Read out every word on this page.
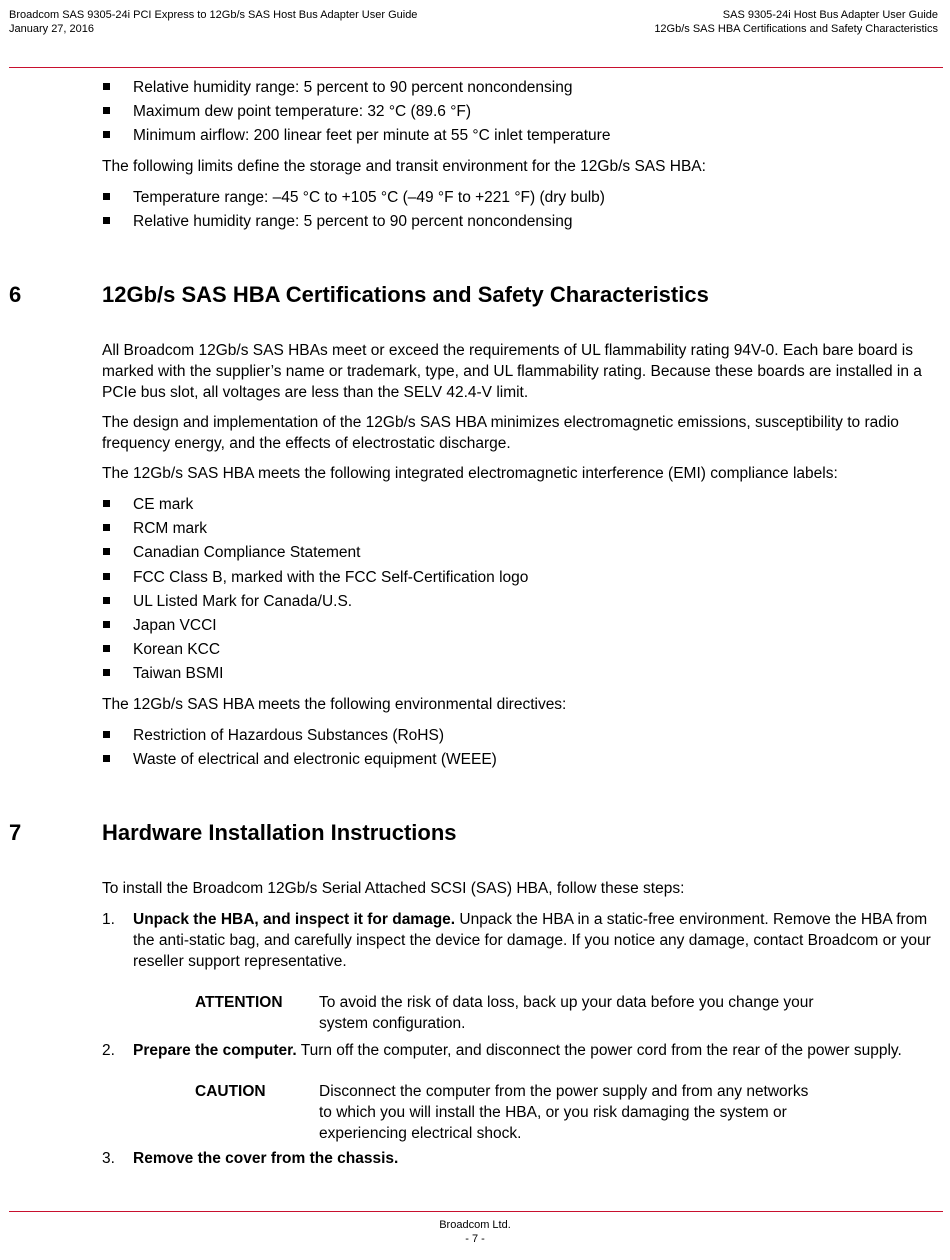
Broadcom SAS 9305-24i PCI Express to 12Gb/s SAS Host Bus Adapter User Guide
January 27, 2016
SAS 9305-24i Host Bus Adapter User Guide
12Gb/s SAS HBA Certifications and Safety Characteristics
Relative humidity range: 5 percent to 90 percent noncondensing
Maximum dew point temperature: 32 °C (89.6 °F)
Minimum airflow: 200 linear feet per minute at 55 °C inlet temperature

The following limits define the storage and transit environment for the 12Gb/s SAS HBA:

Temperature range: –45 °C to +105 °C (–49 °F to +221 °F) (dry bulb)
Relative humidity range: 5 percent to 90 percent noncondensing
6	12Gb/s SAS HBA Certifications and Safety Characteristics

All Broadcom 12Gb/s SAS HBAs meet or exceed the requirements of UL flammability rating 94V-0. Each bare board is marked with the supplier’s name or trademark, type, and UL flammability rating. Because these boards are installed in a PCIe bus slot, all voltages are less than the SELV 42.4-V limit.

The design and implementation of the 12Gb/s SAS HBA minimizes electromagnetic emissions, susceptibility to radio frequency energy, and the effects of electrostatic discharge.

The 12Gb/s SAS HBA meets the following integrated electromagnetic interference (EMI) compliance labels:

CE mark
RCM mark
Canadian Compliance Statement
FCC Class B, marked with the FCC Self-Certification logo
UL Listed Mark for Canada/U.S.
Japan VCCI
Korean KCC
Taiwan BSMI

The 12Gb/s SAS HBA meets the following environmental directives:

Restriction of Hazardous Substances (RoHS)
Waste of electrical and electronic equipment (WEEE)
7	Hardware Installation Instructions

To install the Broadcom 12Gb/s Serial Attached SCSI (SAS) HBA, follow these steps:

1. Unpack the HBA, and inspect it for damage. Unpack the HBA in a static-free environment. Remove the HBA from the anti-static bag, and carefully inspect the device for damage. If you notice any damage, contact Broadcom or your reseller support representative.
ATTENTION To avoid the risk of data loss, back up your data before you change your system configuration.
2. Prepare the computer. Turn off the computer, and disconnect the power cord from the rear of the power supply.
CAUTION	Disconnect the computer from the power supply and from any networks to which you will install the HBA, or you risk damaging the system or experiencing electrical shock.
3. Remove the cover from the chassis.
Broadcom Ltd.
- 7 -
